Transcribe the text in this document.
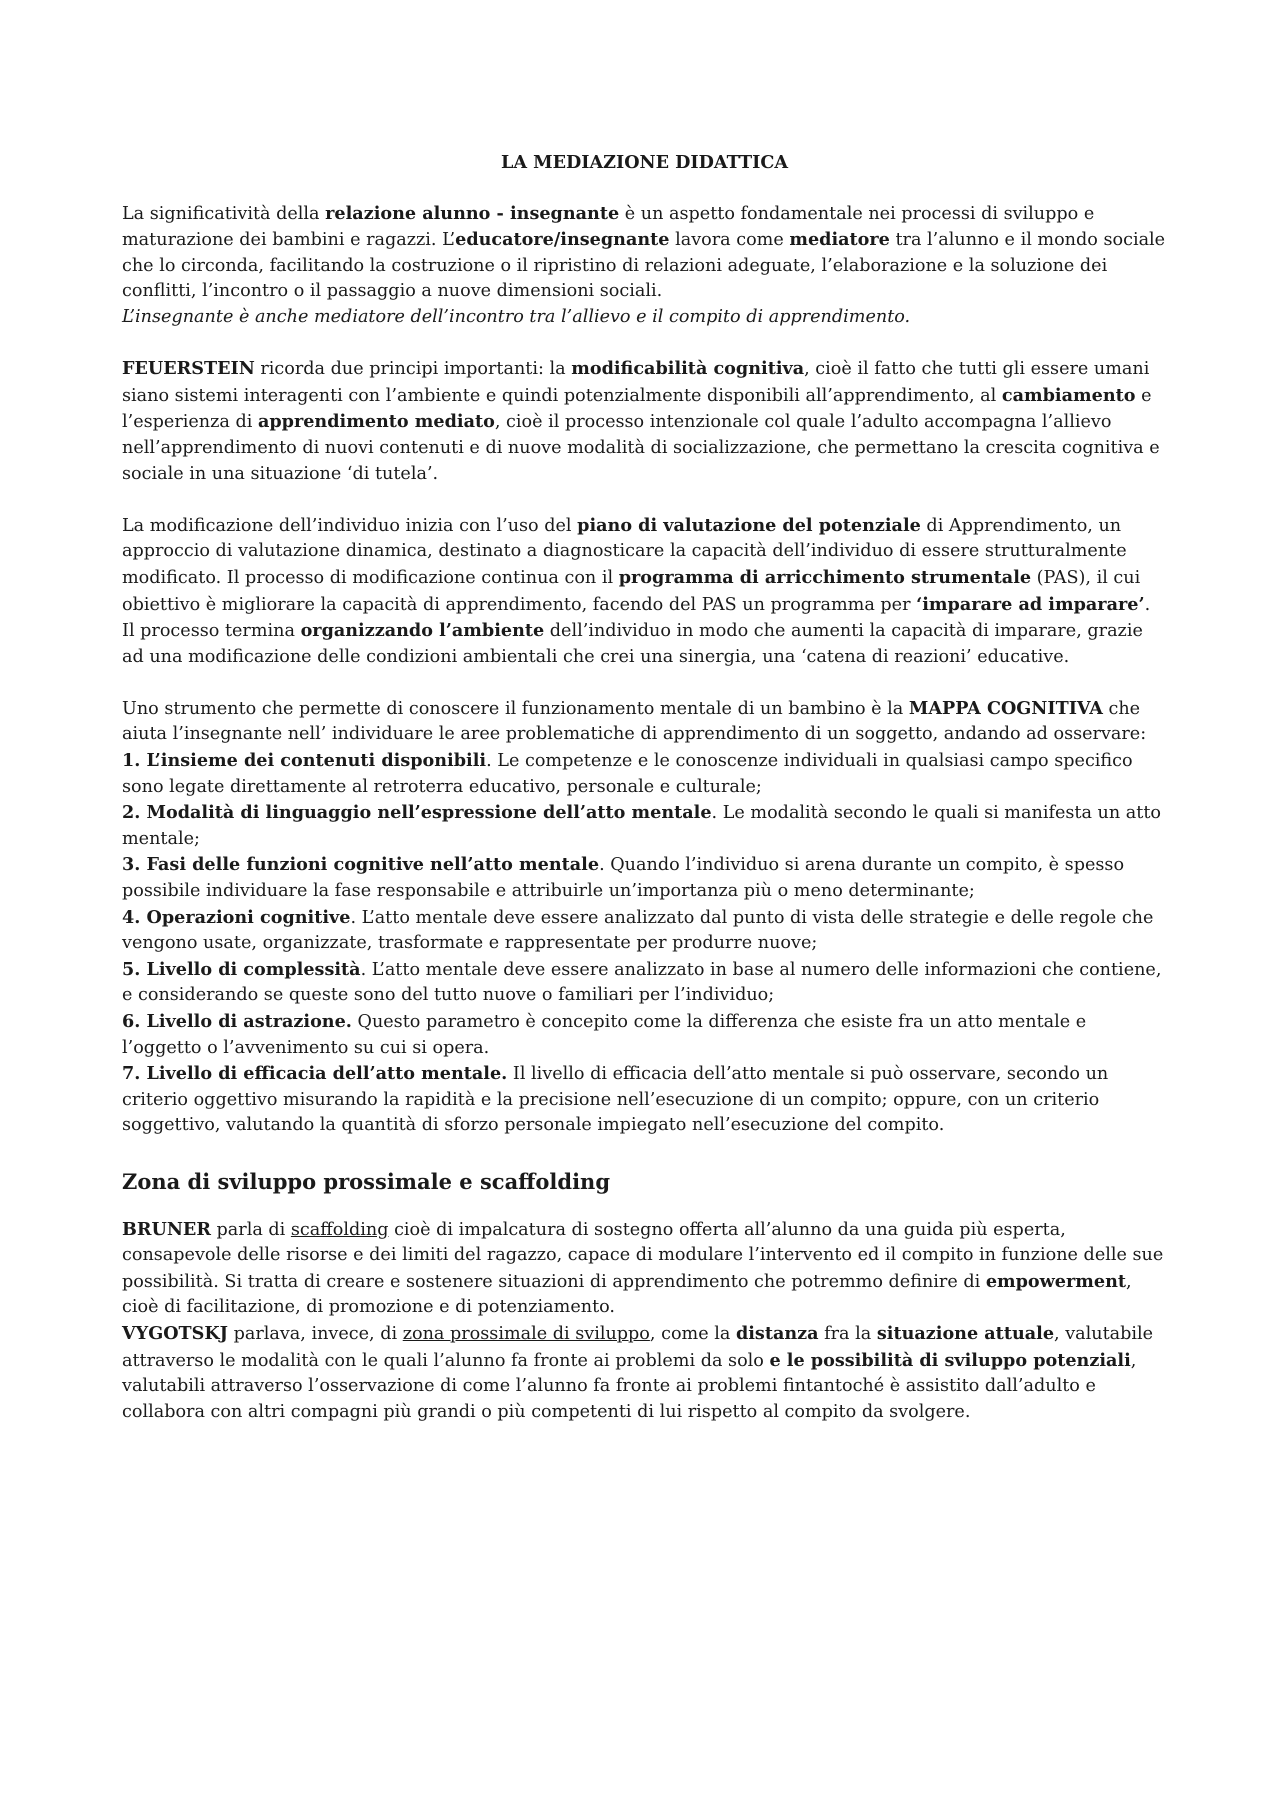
LA MEDIAZIONE DIDATTICA

La significatività della relazione alunno - insegnante è un aspetto fondamentale nei processi di sviluppo e maturazione dei bambini e ragazzi. L’educatore/insegnante lavora come mediatore tra l’alunno e il mondo sociale che lo circonda, facilitando la costruzione o il ripristino di relazioni adeguate, l’elaborazione e la soluzione dei conflitti, l’incontro o il passaggio a nuove dimensioni sociali.

L’insegnante è anche mediatore dell’incontro tra l’allievo e il compito di apprendimento.

FEUERSTEIN ricorda due principi importanti: la modificabilità cognitiva, cioè il fatto che tutti gli essere umani siano sistemi interagenti con l’ambiente e quindi potenzialmente disponibili all’apprendimento, al cambiamento e l’esperienza di apprendimento mediato, cioè il processo intenzionale col quale l’adulto accompagna l’allievo nell’apprendimento di nuovi contenuti e di nuove modalità di socializzazione, che permettano la crescita cognitiva e sociale in una situazione ‘di tutela’.

La modificazione dell’individuo inizia con l’uso del piano di valutazione del potenziale di Apprendimento, un approccio di valutazione dinamica, destinato a diagnosticare la capacità dell’individuo di essere strutturalmente modificato. Il processo di modificazione continua con il programma di arricchimento strumentale (PAS), il cui obiettivo è migliorare la capacità di apprendimento, facendo del PAS un programma per ‘imparare ad imparare’. Il processo termina organizzando l’ambiente dell’individuo in modo che aumenti la capacità di imparare, grazie ad una modificazione delle condizioni ambientali che crei una sinergia, una ‘catena di reazioni’ educative.

Uno strumento che permette di conoscere il funzionamento mentale di un bambino è la MAPPA COGNITIVA che aiuta l’insegnante nell’ individuare le aree problematiche di apprendimento di un soggetto, andando ad osservare:

1. L’insieme dei contenuti disponibili. Le competenze e le conoscenze individuali in qualsiasi campo specifico sono legate direttamente al retroterra educativo, personale e culturale;

2. Modalità di linguaggio nell’espressione dell’atto mentale. Le modalità secondo le quali si manifesta un atto mentale;

3. Fasi delle funzioni cognitive nell’atto mentale. Quando l’individuo si arena durante un compito, è spesso possibile individuare la fase responsabile e attribuirle un’importanza più o meno determinante;

4. Operazioni cognitive. L’atto mentale deve essere analizzato dal punto di vista delle strategie e delle regole che vengono usate, organizzate, trasformate e rappresentate per produrre nuove;

5. Livello di complessità. L’atto mentale deve essere analizzato in base al numero delle informazioni che contiene, e considerando se queste sono del tutto nuove o familiari per l’individuo;

6. Livello di astrazione. Questo parametro è concepito come la differenza che esiste fra un atto mentale e l’oggetto o l’avvenimento su cui si opera.

7. Livello di efficacia dell’atto mentale. Il livello di efficacia dell’atto mentale si può osservare, secondo un criterio oggettivo misurando la rapidità e la precisione nell’esecuzione di un compito; oppure, con un criterio soggettivo, valutando la quantità di sforzo personale impiegato nell’esecuzione del compito.

Zona di sviluppo prossimale e scaffolding

BRUNER parla di scaffolding cioè di impalcatura di sostegno offerta all’alunno da una guida più esperta, consapevole delle risorse e dei limiti del ragazzo, capace di modulare l’intervento ed il compito in funzione delle sue possibilità. Si tratta di creare e sostenere situazioni di apprendimento che potremmo definire di empowerment, cioè di facilitazione, di promozione e di potenziamento.

VYGOTSKJ parlava, invece, di zona prossimale di sviluppo, come la distanza fra la situazione attuale, valutabile attraverso le modalità con le quali l’alunno fa fronte ai problemi da solo e le possibilità di sviluppo potenziali, valutabili attraverso l’osservazione di come l’alunno fa fronte ai problemi fintantoché è assistito dall’adulto e collabora con altri compagni più grandi o più competenti di lui rispetto al compito da svolgere.
